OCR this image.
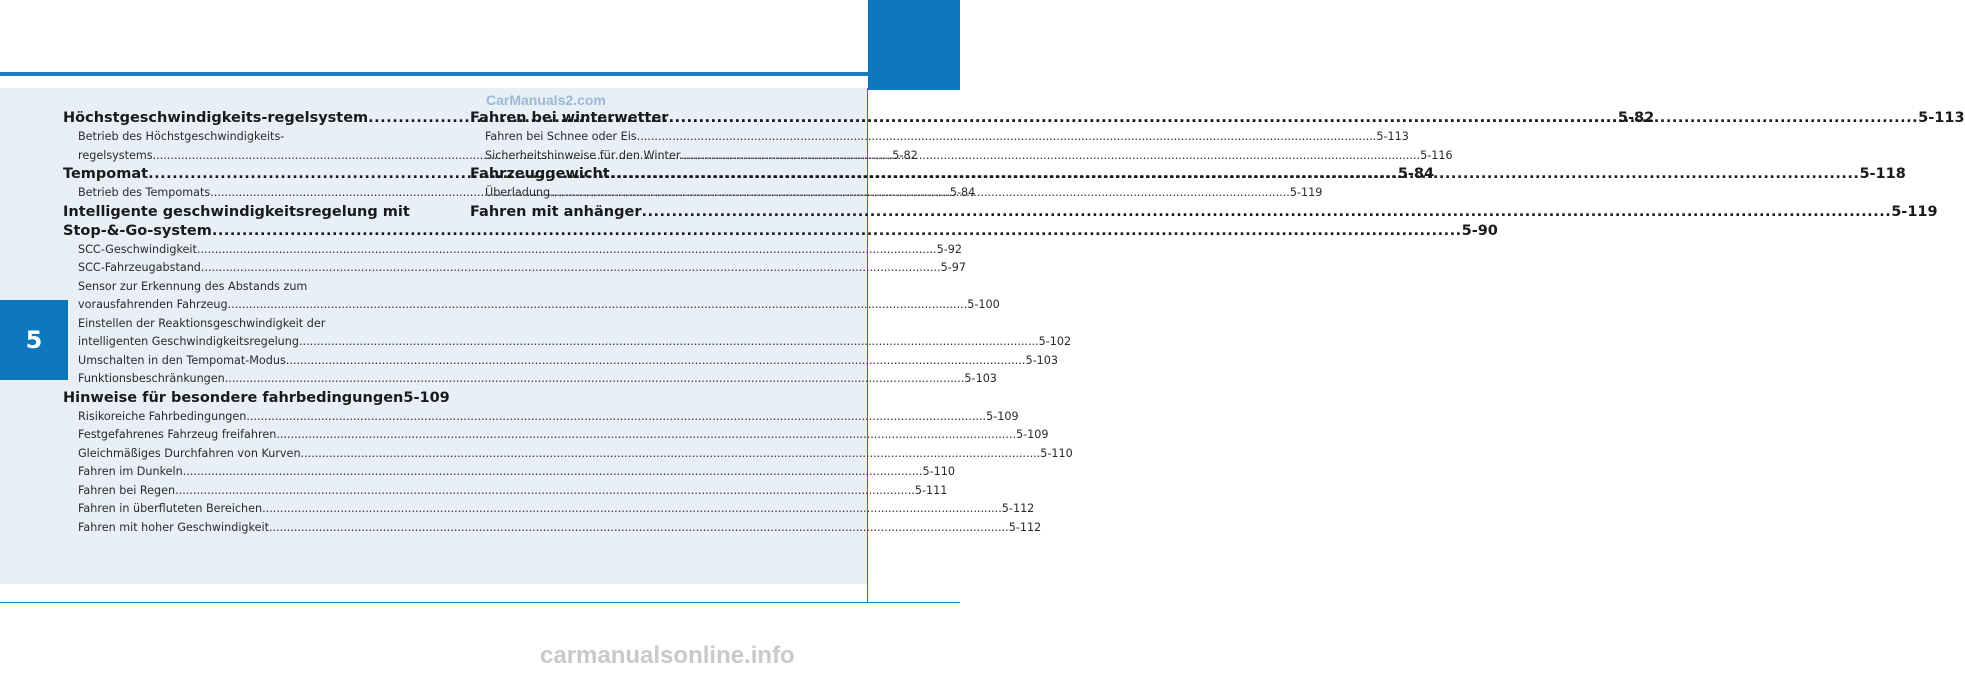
5
CarManuals2.com
carmanualsonline.info
Höchstgeschwindigkeits-regelsystem .....	5-82
Betrieb des Höchstgeschwindigkeits-
regelsystems .....	5-82
Tempomat .....	5-84
Betrieb des Tempomats .....	5-84
Intelligente geschwindigkeitsregelung mit
Stop-&-Go-system .....	5-90
SCC-Geschwindigkeit .....	5-92
SCC-Fahrzeugabstand .....	5-97
Sensor zur Erkennung des Abstands zum
vorausfahrenden Fahrzeug .....	5-100
Einstellen der Reaktionsgeschwindigkeit der
intelligenten Geschwindigkeitsregelung .....	5-102
Umschalten in den Tempomat-Modus .....	5-103
Funktionsbeschränkungen .....	5-103
Hinweise für besondere fahrbedingungen 5-109
Risikoreiche Fahrbedingungen .....	5-109
Festgefahrenes Fahrzeug freifahren .....	5-109
Gleichmäßiges Durchfahren von Kurven .....	5-110
Fahren im Dunkeln .....	5-110
Fahren bei Regen .....	5-111
Fahren in überfluteten Bereichen .....	5-112
Fahren mit hoher Geschwindigkeit .....	5-112
Fahren bei winterwetter .....	5-113
Fahren bei Schnee oder Eis .....	5-113
Sicherheitshinweise für den Winter .....	5-116
Fahrzeuggewicht .....	5-118
Überladung .....	5-119
Fahren mit anhänger .....	5-119
